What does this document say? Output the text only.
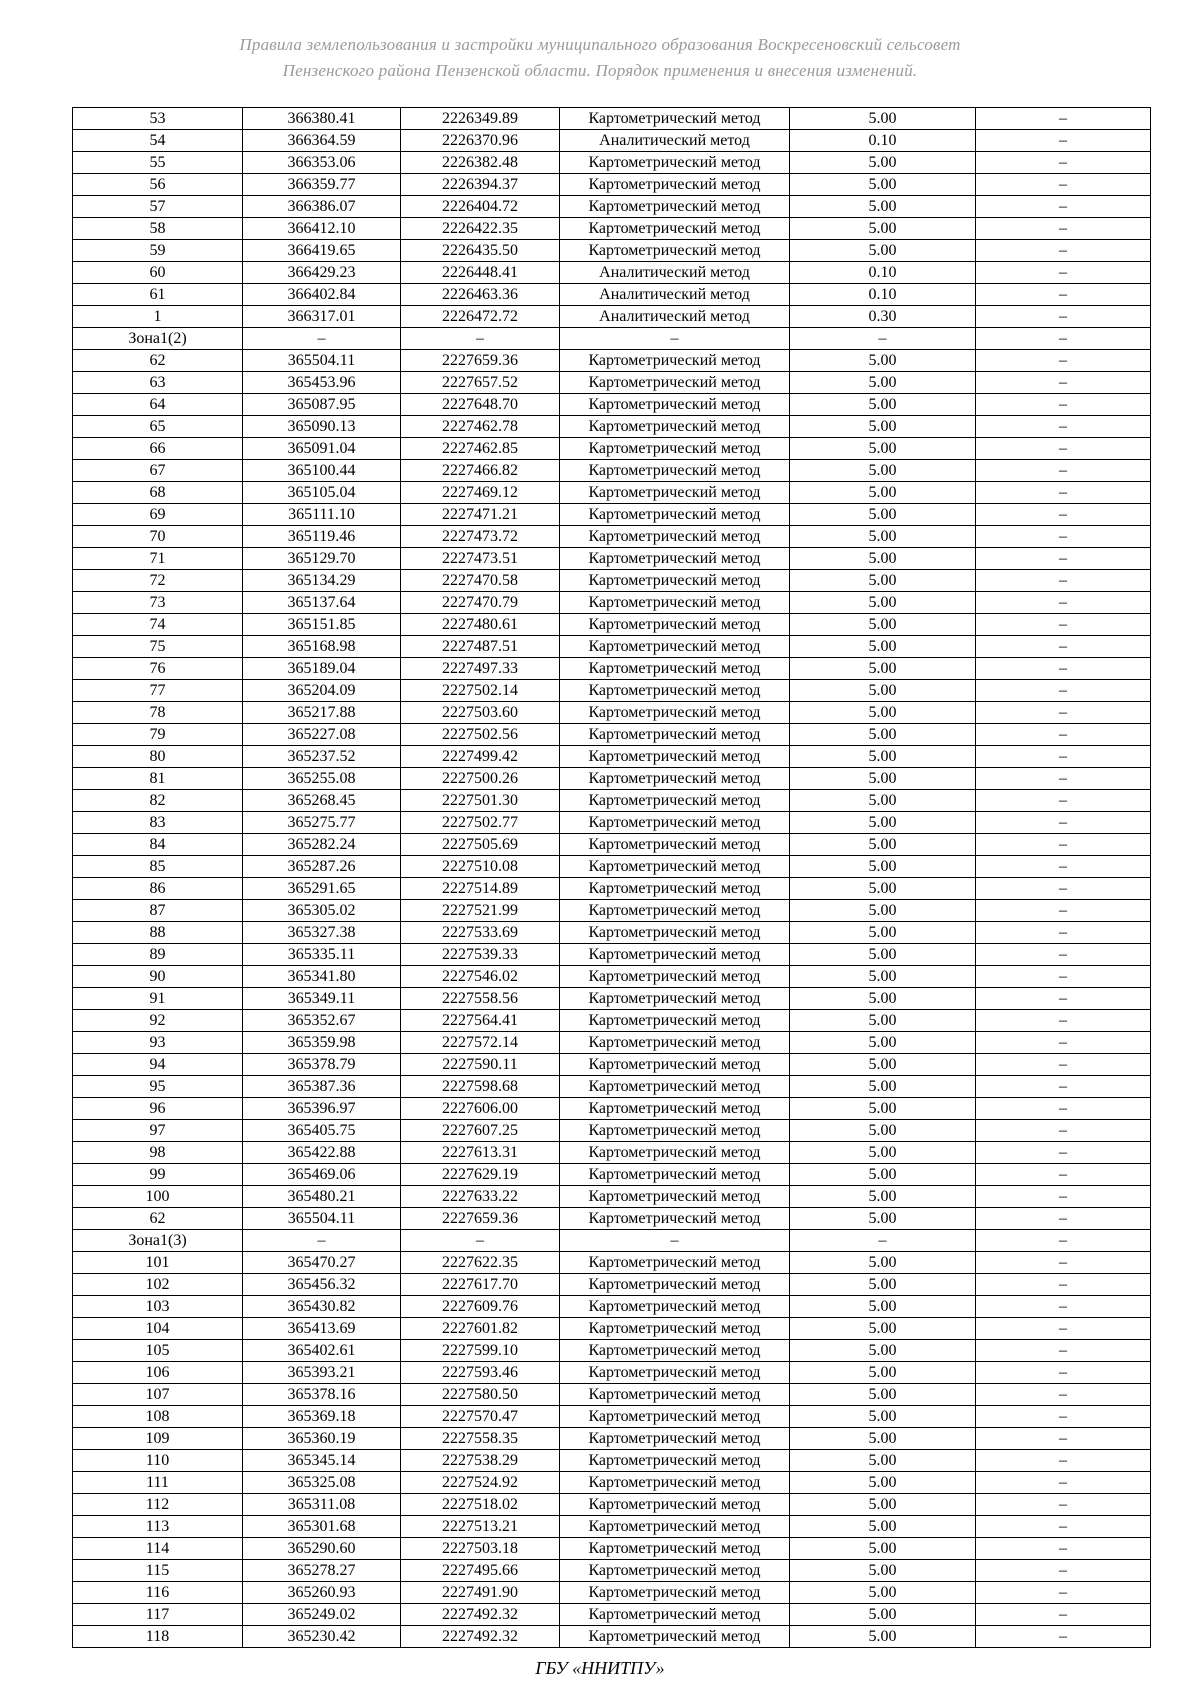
Правила землепользования и застройки муниципального образования Воскресеновский сельсовет
Пензенского района Пензенской области. Порядок применения и внесения изменений.
53	366380.41	2226349.89	Картометрический метод	5.00	–
54	366364.59	2226370.96	Аналитический метод	0.10	–
55	366353.06	2226382.48	Картометрический метод	5.00	–
56	366359.77	2226394.37	Картометрический метод	5.00	–
57	366386.07	2226404.72	Картометрический метод	5.00	–
58	366412.10	2226422.35	Картометрический метод	5.00	–
59	366419.65	2226435.50	Картометрический метод	5.00	–
60	366429.23	2226448.41	Аналитический метод	0.10	–
61	366402.84	2226463.36	Аналитический метод	0.10	–
1	366317.01	2226472.72	Аналитический метод	0.30	–
Зона1(2)	–	–	–	–	–
62	365504.11	2227659.36	Картометрический метод	5.00	–
63	365453.96	2227657.52	Картометрический метод	5.00	–
64	365087.95	2227648.70	Картометрический метод	5.00	–
65	365090.13	2227462.78	Картометрический метод	5.00	–
66	365091.04	2227462.85	Картометрический метод	5.00	–
67	365100.44	2227466.82	Картометрический метод	5.00	–
68	365105.04	2227469.12	Картометрический метод	5.00	–
69	365111.10	2227471.21	Картометрический метод	5.00	–
70	365119.46	2227473.72	Картометрический метод	5.00	–
71	365129.70	2227473.51	Картометрический метод	5.00	–
72	365134.29	2227470.58	Картометрический метод	5.00	–
73	365137.64	2227470.79	Картометрический метод	5.00	–
74	365151.85	2227480.61	Картометрический метод	5.00	–
75	365168.98	2227487.51	Картометрический метод	5.00	–
76	365189.04	2227497.33	Картометрический метод	5.00	–
77	365204.09	2227502.14	Картометрический метод	5.00	–
78	365217.88	2227503.60	Картометрический метод	5.00	–
79	365227.08	2227502.56	Картометрический метод	5.00	–
80	365237.52	2227499.42	Картометрический метод	5.00	–
81	365255.08	2227500.26	Картометрический метод	5.00	–
82	365268.45	2227501.30	Картометрический метод	5.00	–
83	365275.77	2227502.77	Картометрический метод	5.00	–
84	365282.24	2227505.69	Картометрический метод	5.00	–
85	365287.26	2227510.08	Картометрический метод	5.00	–
86	365291.65	2227514.89	Картометрический метод	5.00	–
87	365305.02	2227521.99	Картометрический метод	5.00	–
88	365327.38	2227533.69	Картометрический метод	5.00	–
89	365335.11	2227539.33	Картометрический метод	5.00	–
90	365341.80	2227546.02	Картометрический метод	5.00	–
91	365349.11	2227558.56	Картометрический метод	5.00	–
92	365352.67	2227564.41	Картометрический метод	5.00	–
93	365359.98	2227572.14	Картометрический метод	5.00	–
94	365378.79	2227590.11	Картометрический метод	5.00	–
95	365387.36	2227598.68	Картометрический метод	5.00	–
96	365396.97	2227606.00	Картометрический метод	5.00	–
97	365405.75	2227607.25	Картометрический метод	5.00	–
98	365422.88	2227613.31	Картометрический метод	5.00	–
99	365469.06	2227629.19	Картометрический метод	5.00	–
100	365480.21	2227633.22	Картометрический метод	5.00	–
62	365504.11	2227659.36	Картометрический метод	5.00	–
Зона1(3)	–	–	–	–	–
101	365470.27	2227622.35	Картометрический метод	5.00	–
102	365456.32	2227617.70	Картометрический метод	5.00	–
103	365430.82	2227609.76	Картометрический метод	5.00	–
104	365413.69	2227601.82	Картометрический метод	5.00	–
105	365402.61	2227599.10	Картометрический метод	5.00	–
106	365393.21	2227593.46	Картометрический метод	5.00	–
107	365378.16	2227580.50	Картометрический метод	5.00	–
108	365369.18	2227570.47	Картометрический метод	5.00	–
109	365360.19	2227558.35	Картометрический метод	5.00	–
110	365345.14	2227538.29	Картометрический метод	5.00	–
111	365325.08	2227524.92	Картометрический метод	5.00	–
112	365311.08	2227518.02	Картометрический метод	5.00	–
113	365301.68	2227513.21	Картометрический метод	5.00	–
114	365290.60	2227503.18	Картометрический метод	5.00	–
115	365278.27	2227495.66	Картометрический метод	5.00	–
116	365260.93	2227491.90	Картометрический метод	5.00	–
117	365249.02	2227492.32	Картометрический метод	5.00	–
118	365230.42	2227492.32	Картометрический метод	5.00	–
ГБУ «ННИТПУ»
